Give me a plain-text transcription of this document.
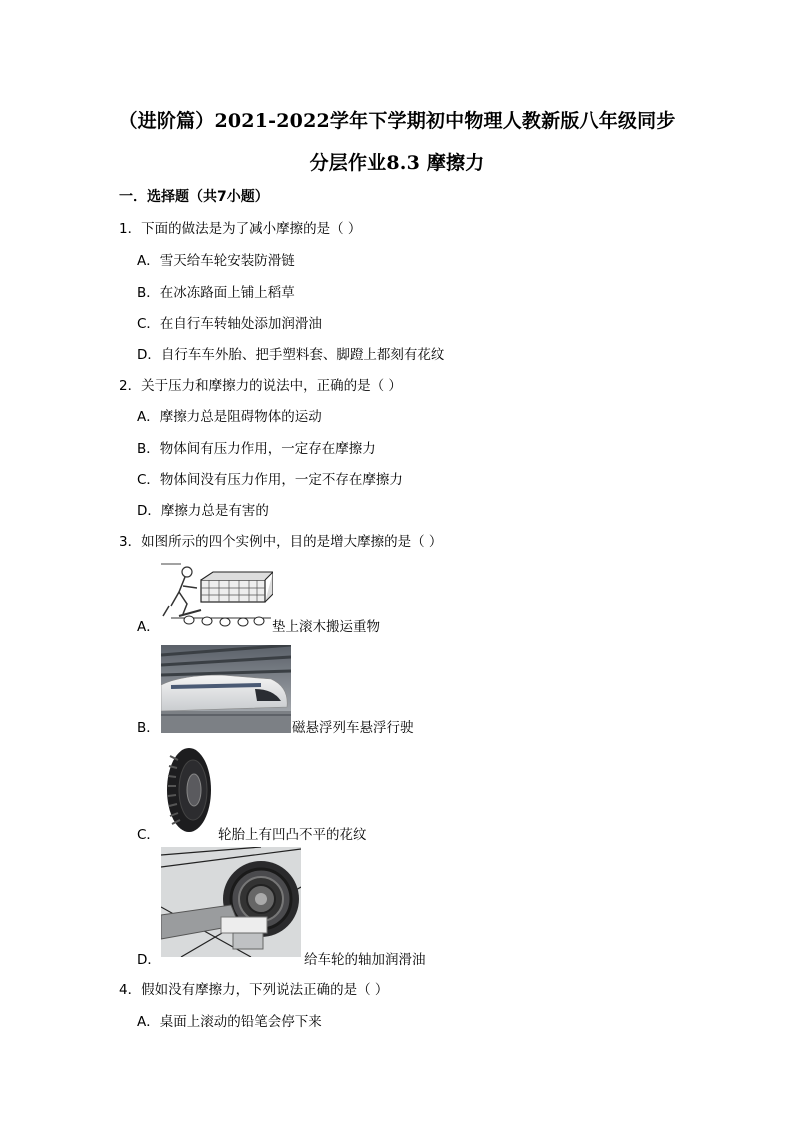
（进阶篇）2021-2022学年下学期初中物理人教新版八年级同步
分层作业8.3 摩擦力
一．选择题（共7小题）
1．下面的做法是为了减小摩擦的是（ ）
A．雪天给车轮安装防滑链
B．在冰冻路面上铺上稻草
C．在自行车转轴处添加润滑油
D．自行车车外胎、把手塑料套、脚蹬上都刻有花纹
2．关于压力和摩擦力的说法中，正确的是（ ）
A．摩擦力总是阻碍物体的运动
B．物体间有压力作用，一定存在摩擦力
C．物体间没有压力作用，一定不存在摩擦力
D．摩擦力总是有害的
3．如图所示的四个实例中，目的是增大摩擦的是（ ）
A．	垫上滚木搬运重物
B．	磁悬浮列车悬浮行驶
C．	轮胎上有凹凸不平的花纹
D．	给车轮的轴加润滑油
4．假如没有摩擦力，下列说法正确的是（ ）
A．桌面上滚动的铅笔会停下来
